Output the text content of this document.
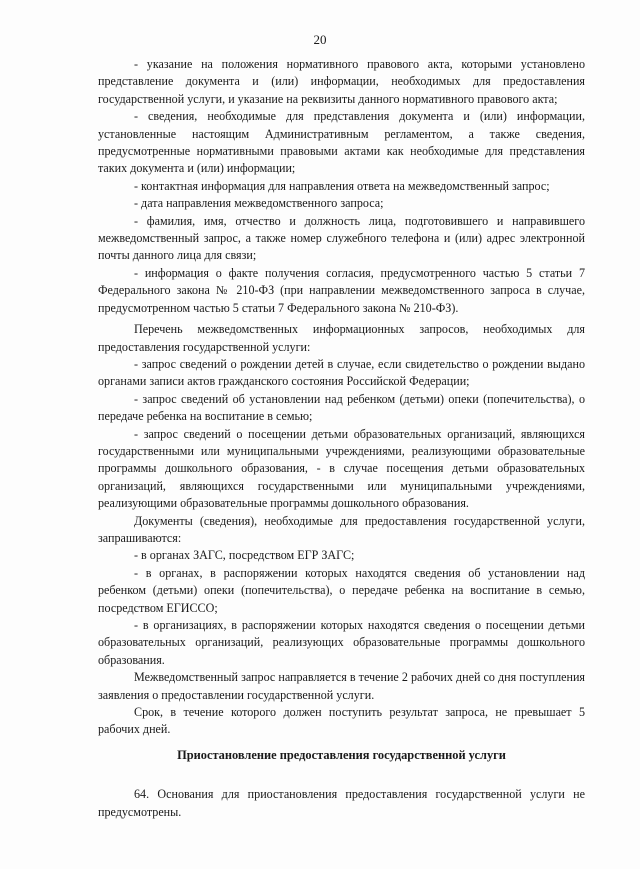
20

- указание на положения нормативного правового акта, которыми установлено представление документа и (или) информации, необходимых для предоставления государственной услуги, и указание на реквизиты данного нормативного правового акта;

- сведения, необходимые для представления документа и (или) информации, установленные настоящим Административным регламентом, а также сведения, предусмотренные нормативными правовыми актами как необходимые для представления таких документа и (или) информации;

- контактная информация для направления ответа на межведомственный запрос;

- дата направления межведомственного запроса;

- фамилия, имя, отчество и должность лица, подготовившего и направившего межведомственный запрос, а также номер служебного телефона и (или) адрес электронной почты данного лица для связи;

- информация о факте получения согласия, предусмотренного частью 5 статьи 7 Федерального закона № 210-ФЗ (при направлении межведомственного запроса в случае, предусмотренном частью 5 статьи 7 Федерального закона № 210-ФЗ).

Перечень межведомственных информационных запросов, необходимых для предоставления государственной услуги:

- запрос сведений о рождении детей в случае, если свидетельство о рождении выдано органами записи актов гражданского состояния Российской Федерации;

- запрос сведений об установлении над ребенком (детьми) опеки (попечительства), о передаче ребенка на воспитание в семью;

- запрос сведений о посещении детьми образовательных организаций, являющихся государственными или муниципальными учреждениями, реализующими образовательные программы дошкольного образования, - в случае посещения детьми образовательных организаций, являющихся государственными или муниципальными учреждениями, реализующими образовательные программы дошкольного образования.

Документы (сведения), необходимые для предоставления государственной услуги, запрашиваются:

- в органах ЗАГС, посредством ЕГР ЗАГС;

- в органах, в распоряжении которых находятся сведения об установлении над ребенком (детьми) опеки (попечительства), о передаче ребенка на воспитание в семью, посредством ЕГИССО;

- в организациях, в распоряжении которых находятся сведения о посещении детьми образовательных организаций, реализующих образовательные программы дошкольного образования.

Межведомственный запрос направляется в течение 2 рабочих дней со дня поступления заявления о предоставлении государственной услуги.

Срок, в течение которого должен поступить результат запроса, не превышает 5 рабочих дней.

Приостановление предоставления государственной услуги

64. Основания для приостановления предоставления государственной услуги не предусмотрены.
